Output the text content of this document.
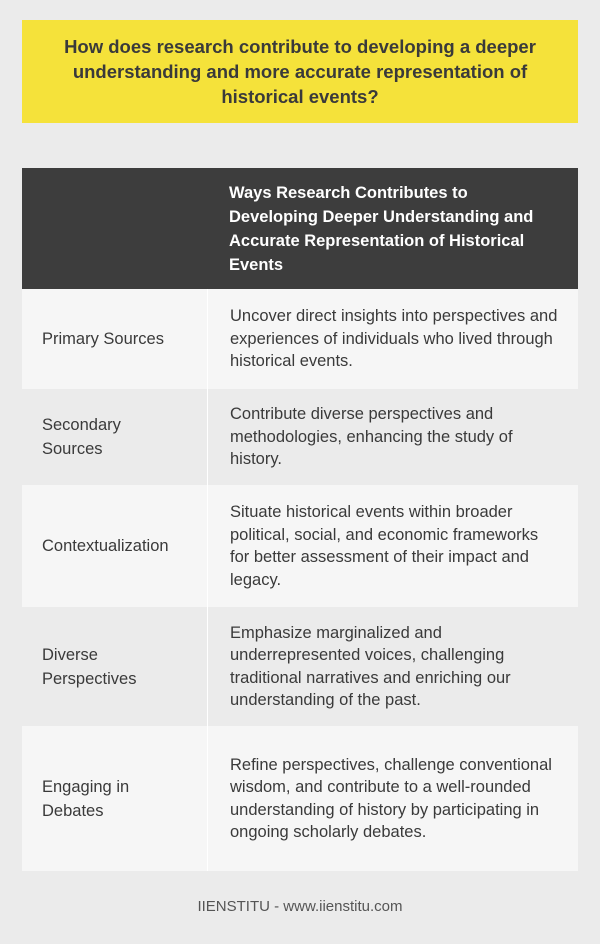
How does research contribute to developing a deeper understanding and more accurate representation of historical events?
Ways Research Contributes to Developing Deeper Understanding and Accurate Representation of Historical Events
Primary Sources
Uncover direct insights into perspectives and experiences of individuals who lived through historical events.
Secondary Sources
Contribute diverse perspectives and methodologies, enhancing the study of history.
Contextualization
Situate historical events within broader political, social, and economic frameworks for better assessment of their impact and legacy.
Diverse Perspectives
Emphasize marginalized and underrepresented voices, challenging traditional narratives and enriching our understanding of the past.
Engaging in Debates
Refine perspectives, challenge conventional wisdom, and contribute to a well-rounded understanding of history by participating in ongoing scholarly debates.
IIENSTITU - www.iienstitu.com
